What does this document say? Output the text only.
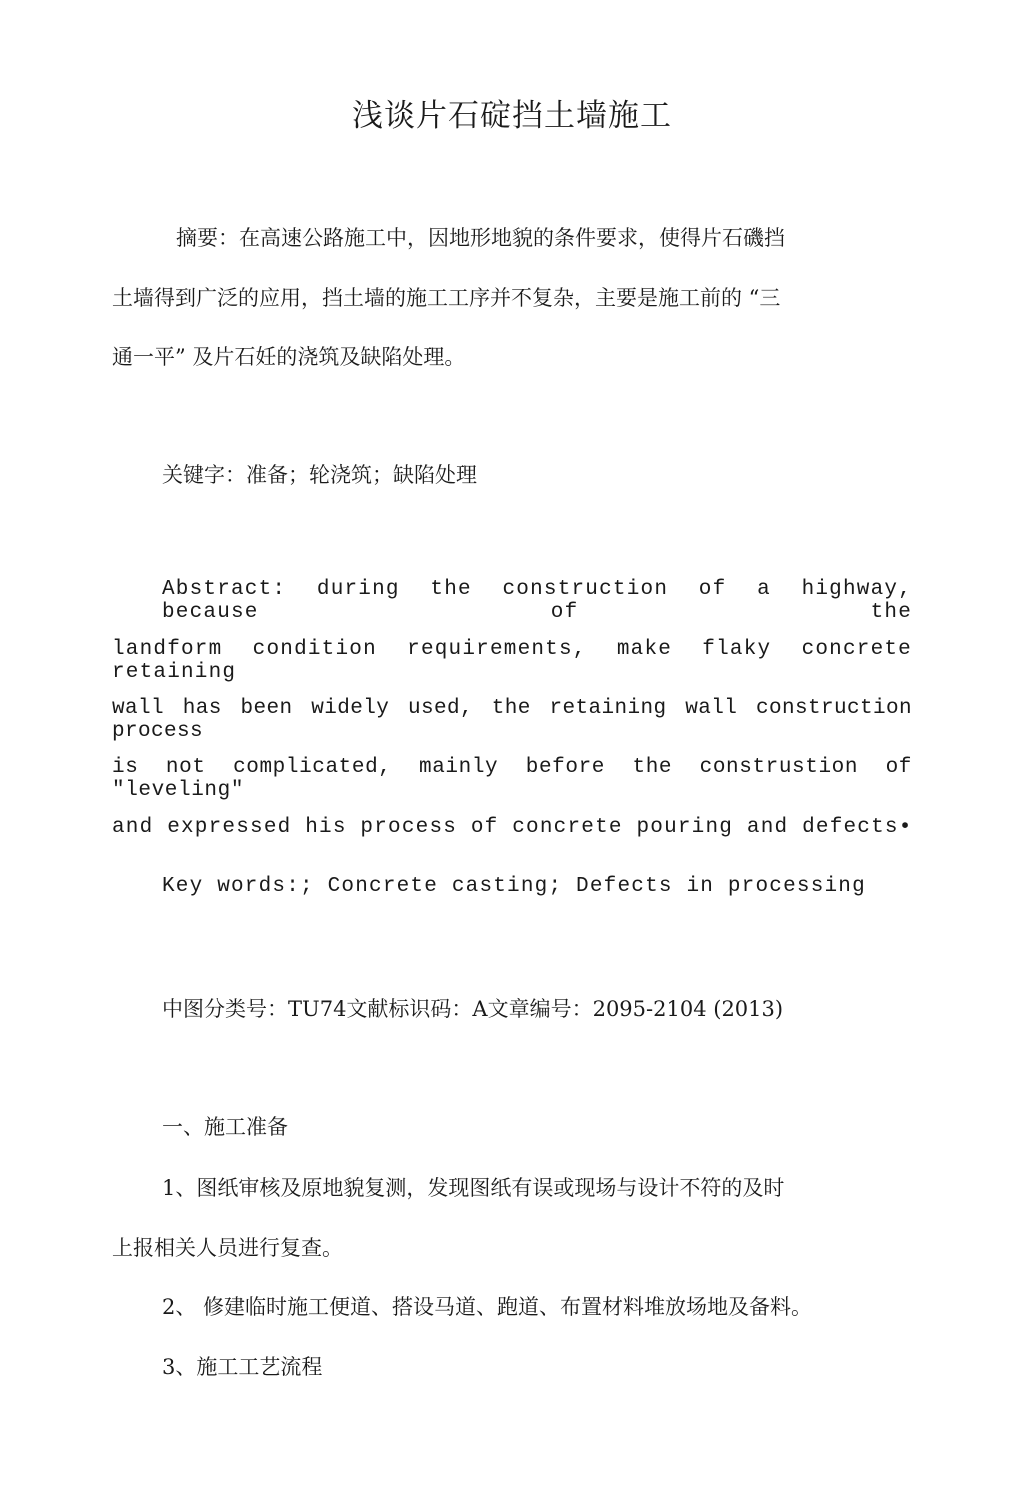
浅谈片石碇挡土墙施工
摘要：在高速公路施工中，因地形地貌的条件要求，使得片石磯挡
土墙得到广泛的应用，挡土墙的施工工序并不复杂，主要是施工前的 “三
通一平” 及片石妊的浇筑及缺陷处理。
关键字：准备；轮浇筑；缺陷处理
Abstract: during the construction of a highway, because of the
landform condition requirements, make flaky concrete retaining
wall has been widely used, the retaining wall construction process
is not complicated, mainly before the construstion of "leveling"
and expressed his process of concrete pouring and defects•
Key words:; Concrete casting; Defects in processing
中图分类号：TU74文献标识码：A文章编号：2095-2104 (2013)
一、施工准备
1、图纸审核及原地貌复测，发现图纸有误或现场与设计不符的及时
上报相关人员进行复查。
2、 修建临时施工便道、搭设马道、跑道、布置材料堆放场地及备料。
3、施工工艺流程
